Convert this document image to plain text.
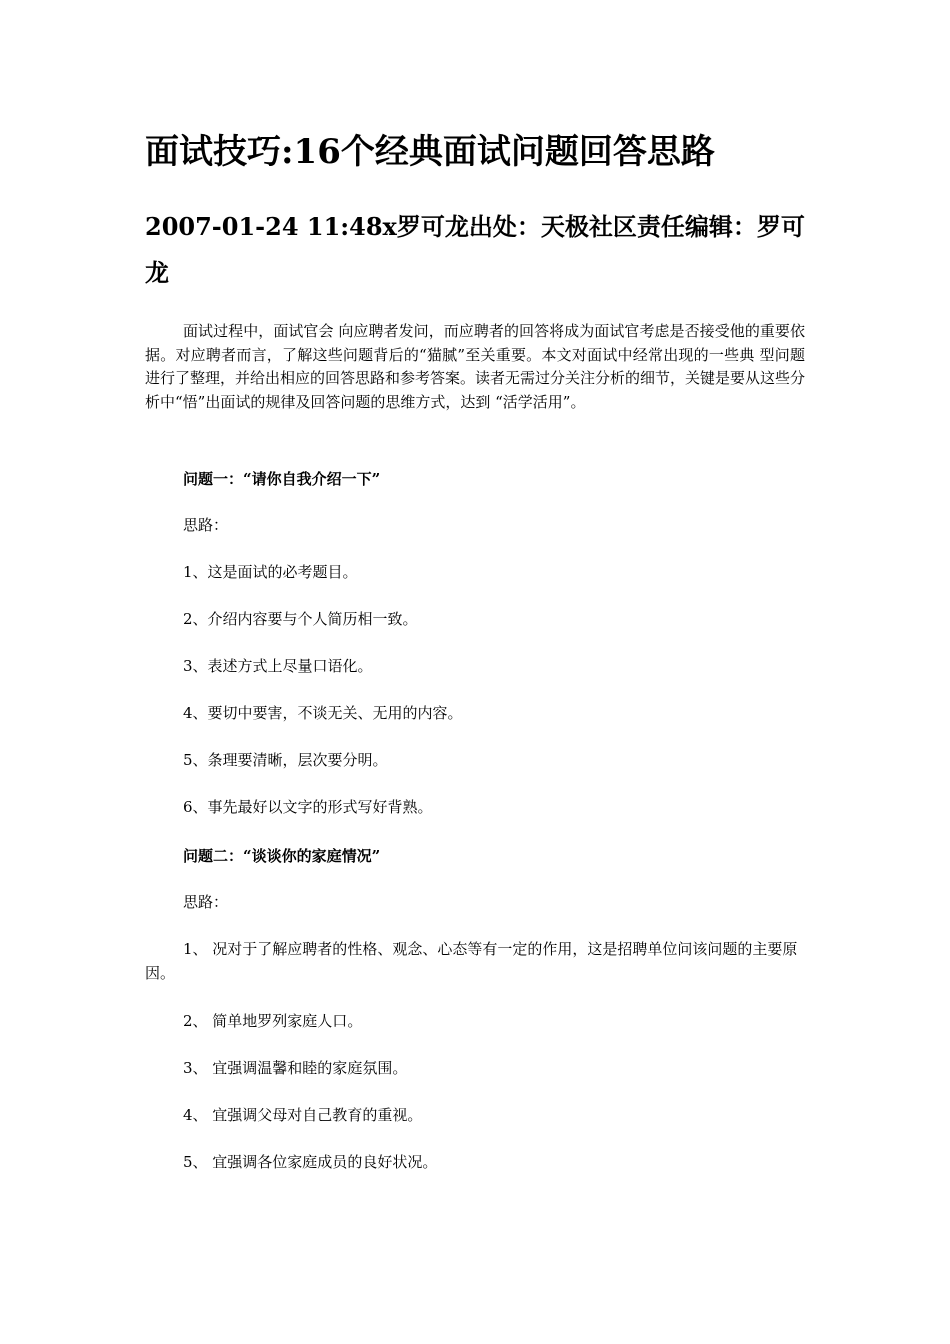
面试技巧:16个经典面试问题回答思路
2007-01-24 11:48x罗可龙出处：天极社区责任编辑：罗可龙

面试过程中，面试官会 向应聘者发问，而应聘者的回答将成为面试官考虑是否接受他的重要依据。对应聘者而言，了解这些问题背后的“猫腻”至关重要。本文对面试中经常出现的一些典 型问题进行了整理，并给出相应的回答思路和参考答案。读者无需过分关注分析的细节，关键是要从这些分析中“悟”出面试的规律及回答问题的思维方式，达到 “活学活用”。

问题一：“请你自我介绍一下”
思路：
1、这是面试的必考题目。
2、介绍内容要与个人简历相一致。
3、表述方式上尽量口语化。
4、要切中要害，不谈无关、无用的内容。
5、条理要清晰，层次要分明。
6、事先最好以文字的形式写好背熟。
问题二：“谈谈你的家庭情况”
思路：
1、 况对于了解应聘者的性格、观念、心态等有一定的作用，这是招聘单位问该问题的主要原因。
2、 简单地罗列家庭人口。
3、 宜强调温馨和睦的家庭氛围。
4、 宜强调父母对自己教育的重视。
5、 宜强调各位家庭成员的良好状况。
